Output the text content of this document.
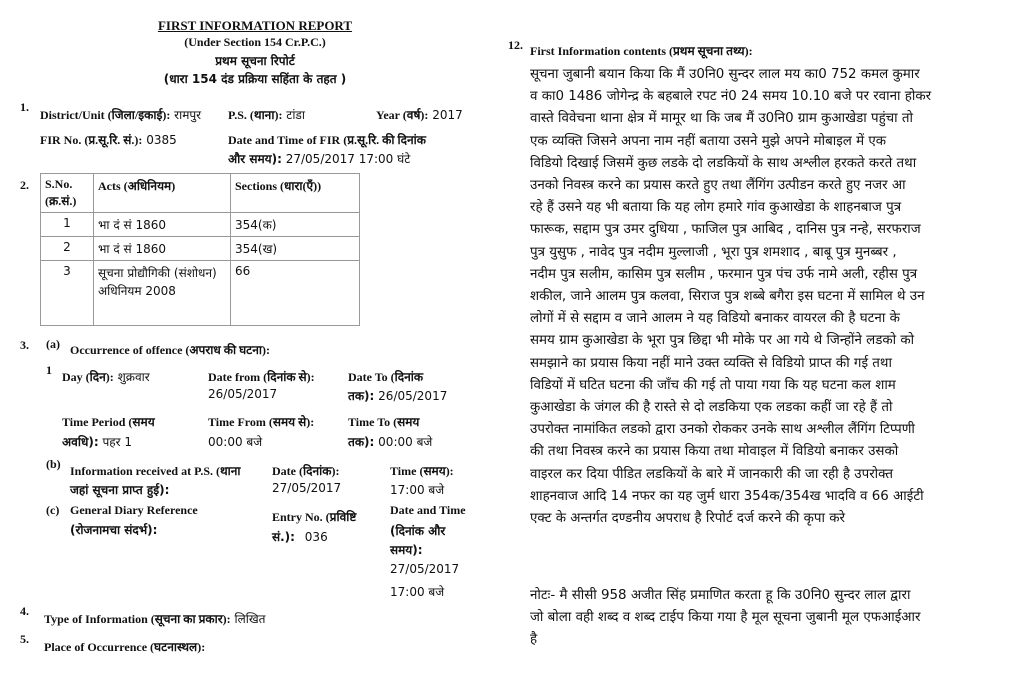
FIRST INFORMATION REPORT
(Under Section 154 Cr.P.C.)
प्रथम सूचना रिपोर्ट
(धारा 154 दंड प्रक्रिया सहिंता के तहत )
1.
District/Unit (जिला/इकाई): रामपुर P.S. (थाना): टांडा	Year (वर्ष): 2017
FIR No. (प्र.सू.रि. सं.): 0385	Date and Time of FIR (प्र.सू.रि. की दिनांक
और समय): 27/05/2017 17:00 घंटे
2. S.No. (क्र.सं.)	Acts (अधिनियम)	Sections (धारा(एँ))
1	भा दं सं 1860	354(क)
2	भा दं सं 1860	354(ख)
3	सूचना प्रोद्यौगिकी (संशोधन) अधिनियम 2008	66
3. (a) Occurrence of offence (अपराध की घटना):
1 Day (दिन): शुक्रवार	Date from (दिनांक से):
26/05/2017
Date To (दिनांक
तक): 26/05/2017
Time Period (समय
अवधि): पहर 1
Time From (समय से):
00:00 बजे
Time To (समय
तक): 00:00 बजे
(b) Information received at P.S. (थाना
जहां सूचना प्राप्त हुई):
Date (दिनांक):
27/05/2017
Time (समय):
17:00 बजे
(c) General Diary Reference
(रोजनामचा संदर्भ):
Entry No. (प्रविष्टि
सं.): 036
Date and Time
(दिनांक और
समय):
27/05/2017
17:00 बजे
4.
Type of Information (सूचना का प्रकार): लिखित
5.
Place of Occurrence (घटनास्थल):
12. First Information contents (प्रथम सूचना तथ्य):
सूचना जुबानी बयान किया कि मैं उ0नि0 सुन्दर लाल मय का0 752 कमल कुमार
व का0 1486 जोगेन्द्र के बहबाले रपट नं0 24 समय 10.10 बजे पर रवाना होकर
वास्ते विवेचना थाना क्षेत्र में मामूर था कि जब मैं उ0नि0 ग्राम कुआखेडा पहुंचा तो
एक व्यक्ति जिसने अपना नाम नहीं बताया उसने मुझे अपने मोबाइल में एक
विडियो दिखाई जिसमें कुछ लडके दो लडकियों के साथ अश्लील हरकते करते तथा
उनको निवस्त्र करने का प्रयास करते हुए तथा लैंगिंग उत्पीडन करते हुए नजर आ
रहे हैं उसने यह भी बताया कि यह लोग हमारे गांव कुआखेडा के शाहनबाज पुत्र
फारूक, सद्दाम पुत्र उमर दुधिया , फाजिल पुत्र आबिद , दानिस पुत्र नन्हे, सरफराज
पुत्र युसुफ , नावेद पुत्र नदीम मुल्लाजी , भूरा पुत्र शमशाद , बाबू पुत्र मुनब्बर ,
नदीम पुत्र सलीम, कासिम पुत्र सलीम , फरमान पुत्र पंच उर्फ नामे अली, रहीस पुत्र
शकील, जाने आलम पुत्र कलवा, सिराज पुत्र शब्बे बगैरा इस घटना में सामिल थे उन
लोगों में से सद्दाम व जाने आलम ने यह विडियो बनाकर वायरल की है घटना के
समय ग्राम कुआखेडा के भूरा पुत्र छिद्दा भी मोके पर आ गये थे जिन्होंने लडको को
समझाने का प्रयास किया नहीं माने उक्त व्यक्ति से विडियो प्राप्त की गई तथा
विडियों में घटित घटना की जाँच की गई तो पाया गया कि यह घटना कल शाम
कुआखेडा के जंगल की है रास्ते से दो लडकिया एक लडका कहीं जा रहे हैं तो
उपरोक्त नामांकित लडको द्वारा उनको रोककर उनके साथ अश्लील लैंगिंग टिप्पणी
की तथा निवस्त्र करने का प्रयास किया तथा मोवाइल में विडियो बनाकर उसको
वाइरल कर दिया पीडित लडकियों के बारे में जानकारी की जा रही है उपरोक्त
शाहनवाज आदि 14 नफर का यह जुर्म धारा 354क/354ख भादवि व 66 आईटी
एक्ट के अन्तर्गत दण्डनीय अपराध है रिपोर्ट दर्ज करने की कृपा करे
नोटः- मै सीसी 958 अजीत सिंह प्रमाणित करता हू कि उ0नि0 सुन्दर लाल द्वारा
जो बोला वही शब्द व शब्द टाईप किया गया है मूल सूचना जुबानी मूल एफआईआर
है
